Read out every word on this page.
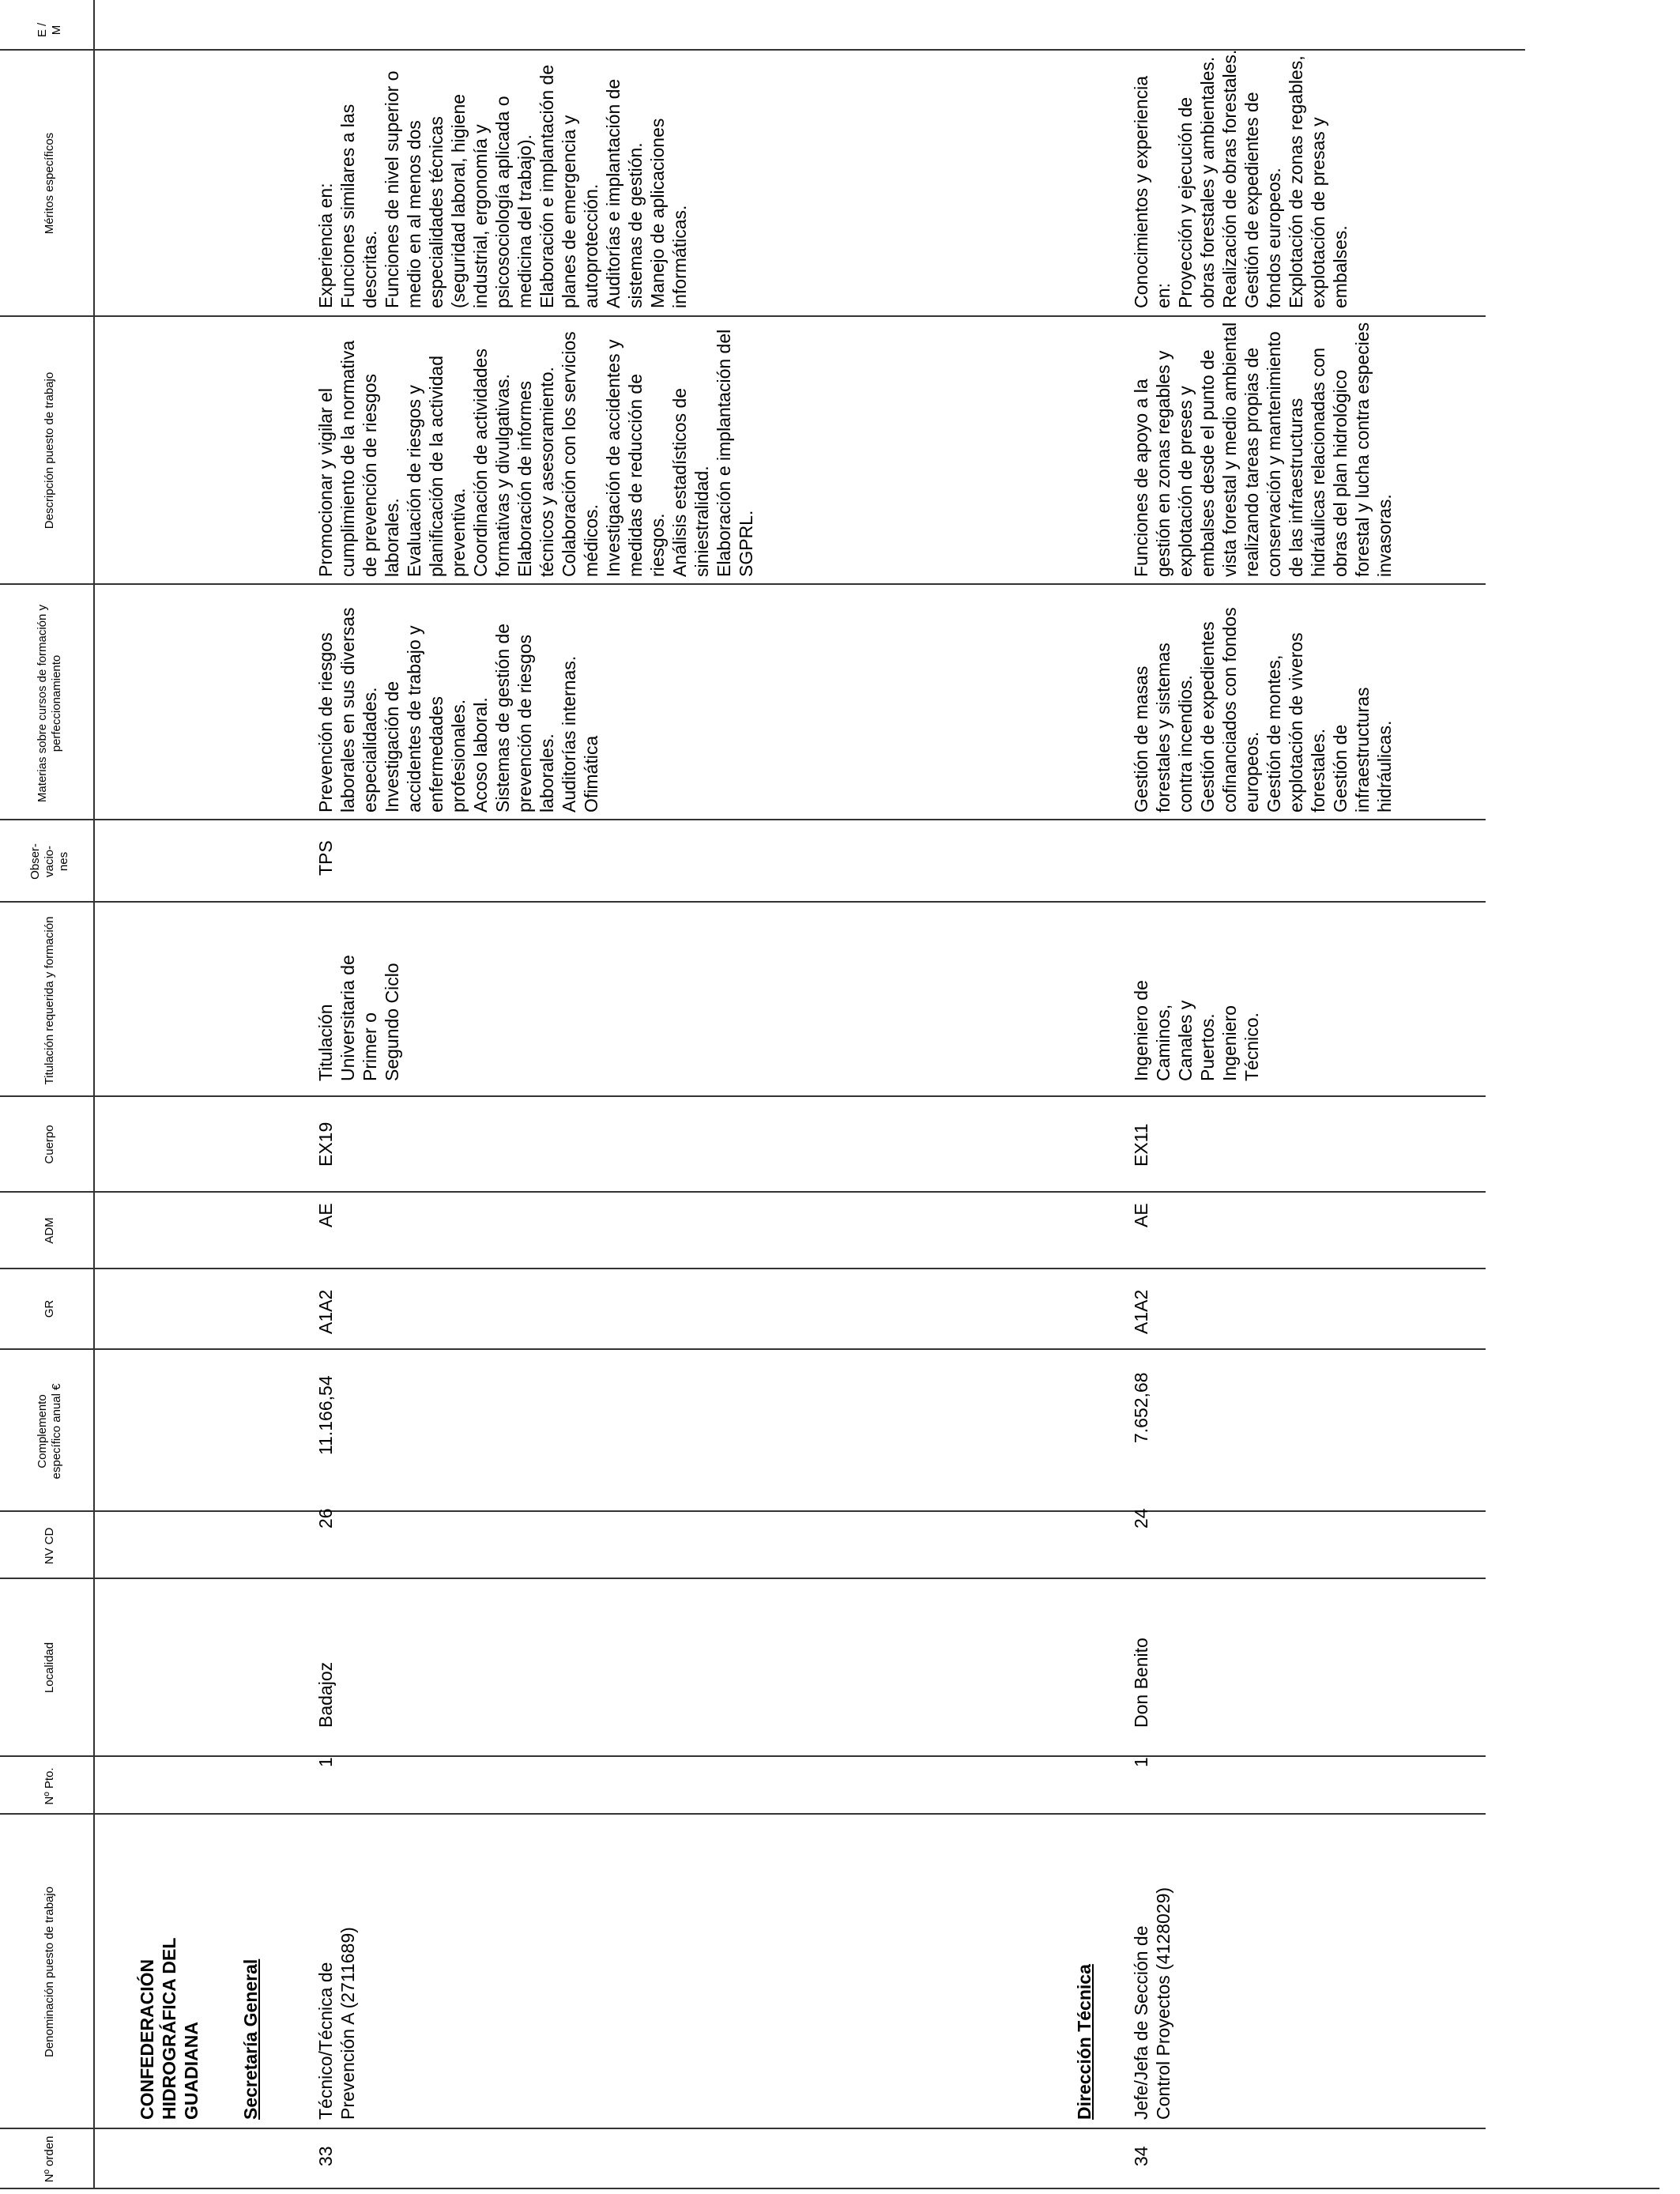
Nº orden
Denominación puesto de trabajo
Nº Pto.
Localidad
NV CD
Complemento específico anual €
GR
ADM
Cuerpo
Titulación requerida y formación
Obser-vacio-nes
Materias sobre cursos de formación y perfeccionamiento
Descripción puesto de trabajo
Méritos específicos
E / M
CONFEDERACIÓN HIDROGRÁFICA DEL GUADIANA Secretaría General
33
Técnico/Técnica de Prevención A (2711689)
1
Badajoz
26
11.166,54
A1A2
AE
EX19
Titulación Universitaria de Primer o Segundo Ciclo
TPS
Prevención de riesgos laborales en sus diversas especialidades. Investigación de accidentes de trabajo y enfermedades profesionales. Acoso laboral. Sistemas de gestión de prevención de riesgos laborales. Auditorías internas. Ofimática
Promocionar y vigilar el cumplimiento de la normativa de prevención de riesgos laborales. Evaluación de riesgos y planificación de la actividad preventiva. Coordinación de actividades formativas y divulgativas. Elaboración de informes técnicos y asesoramiento. Colaboración con los servicios médicos. Investigación de accidentes y medidas de reducción de riesgos. Análisis estadísticos de siniestralidad. Elaboración e implantación del SGPRL.
Experiencia en: Funciones similares a las descritas. Funciones de nivel superior o medio en al menos dos especialidades técnicas (seguridad laboral, higiene industrial, ergonomía y psicosociología aplicada o medicina del trabajo). Elaboración e implantación de planes de emergencia y autoprotección. Auditorías e implantación de sistemas de gestión. Manejo de aplicaciones informáticas.
Dirección Técnica
34
Jefe/Jefa de Sección de Control Proyectos (4128029)
1
Don Benito
24
7.652,68
A1A2
AE
EX11
Ingeniero de Caminos, Canales y Puertos. Ingeniero Técnico.
Gestión de masas forestales y sistemas contra incendios. Gestión de expedientes cofinanciados con fondos europeos. Gestión de montes, explotación de viveros forestales. Gestión de infraestructuras hidráulicas.
Funciones de apoyo a la gestión en zonas regables y explotación de preses y embalses desde el punto de vista forestal y medio ambiental realizando tareas propias de conservación y mantenimiento de las infraestructuras hidráulicas relacionadas con obras del plan hidrológico forestal y lucha contra especies invasoras.
Conocimientos y experiencia en: Proyección y ejecución de obras forestales y ambientales. Realización de obras forestales. Gestión de expedientes de fondos europeos. Explotación de zonas regables, explotación de presas y embalses.
